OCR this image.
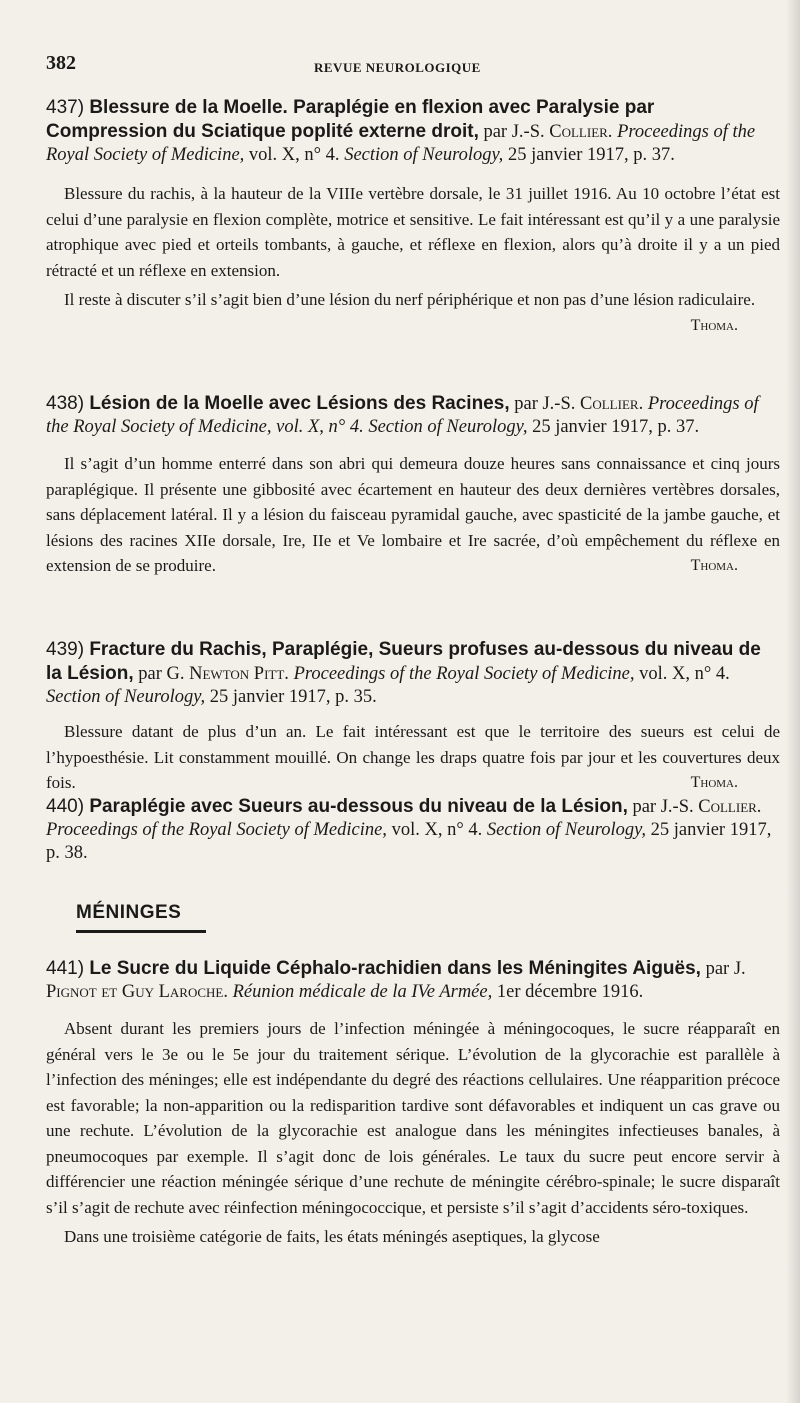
382	REVUE NEUROLOGIQUE
437) Blessure de la Moelle. Paraplégie en flexion avec Paralysie par Compression du Sciatique poplité externe droit, par J.-S. Collier. Proceedings of the Royal Society of Medicine, vol. X, n° 4. Section of Neurology, 25 janvier 1917, p. 37.

Blessure du rachis, à la hauteur de la VIIIe vertèbre dorsale, le 31 juillet 1916. Au 10 octobre l’état est celui d’une paralysie en flexion complète, motrice et sensitive. Le fait intéressant est qu’il y a une paralysie atrophique avec pied et orteils tombants, à gauche, et réflexe en flexion, alors qu’à droite il y a un pied rétracté et un réflexe en extension.

Il reste à discuter s’il s’agit bien d’une lésion du nerf périphérique et non pas d’une lésion radiculaire.
Thoma.

438) Lésion de la Moelle avec Lésions des Racines, par J.-S. Collier. Proceedings of the Royal Society of Medicine, vol. X, n° 4. Section of Neurology, 25 janvier 1917, p. 37.

Il s’agit d’un homme enterré dans son abri qui demeura douze heures sans connaissance et cinq jours paraplégique. Il présente une gibbosité avec écartement en hauteur des deux dernières vertèbres dorsales, sans déplacement latéral. Il y a lésion du faisceau pyramidal gauche, avec spasticité de la jambe gauche, et lésions des racines XIIe dorsale, Ire, IIe et Ve lombaire et Ire sacrée, d’où empêchement du réflexe en extension de se produire.	Thoma.

439) Fracture du Rachis, Paraplégie, Sueurs profuses au-dessous du niveau de la Lésion, par G. Newton Pitt. Proceedings of the Royal Society of Medicine, vol. X, n° 4. Section of Neurology, 25 janvier 1917, p. 35.

Blessure datant de plus d’un an. Le fait intéressant est que le territoire des sueurs est celui de l’hypoesthésie. Lit constamment mouillé. On change les draps quatre fois par jour et les couvertures deux fois.	Thoma.

440) Paraplégie avec Sueurs au-dessous du niveau de la Lésion, par J.-S. Collier. Proceedings of the Royal Society of Medicine, vol. X, n° 4. Section of Neurology, 25 janvier 1917, p. 38.
MÉNINGES
441) Le Sucre du Liquide Céphalo-rachidien dans les Méningites Aiguës, par J. Pignot et Guy Laroche. Réunion médicale de la IVe Armée, 1er décembre 1916.

Absent durant les premiers jours de l’infection méningée à méningocoques, le sucre réapparaît en général vers le 3e ou le 5e jour du traitement sérique. L’évolution de la glycorachie est parallèle à l’infection des méninges; elle est indépendante du degré des réactions cellulaires. Une réapparition précoce est favorable; la non-apparition ou la redisparition tardive sont défavorables et indiquent un cas grave ou une rechute. L’évolution de la glycorachie est analogue dans les méningites infectieuses banales, à pneumocoques par exemple. Il s’agit donc de lois générales. Le taux du sucre peut encore servir à différencier une réaction méningée sérique d’une rechute de méningite cérébro-spinale; le sucre disparaît s’il s’agit de rechute avec réinfection méningococcique, et persiste s’il s’agit d’accidents séro-toxiques.

Dans une troisième catégorie de faits, les états méningés aseptiques, la glycose
